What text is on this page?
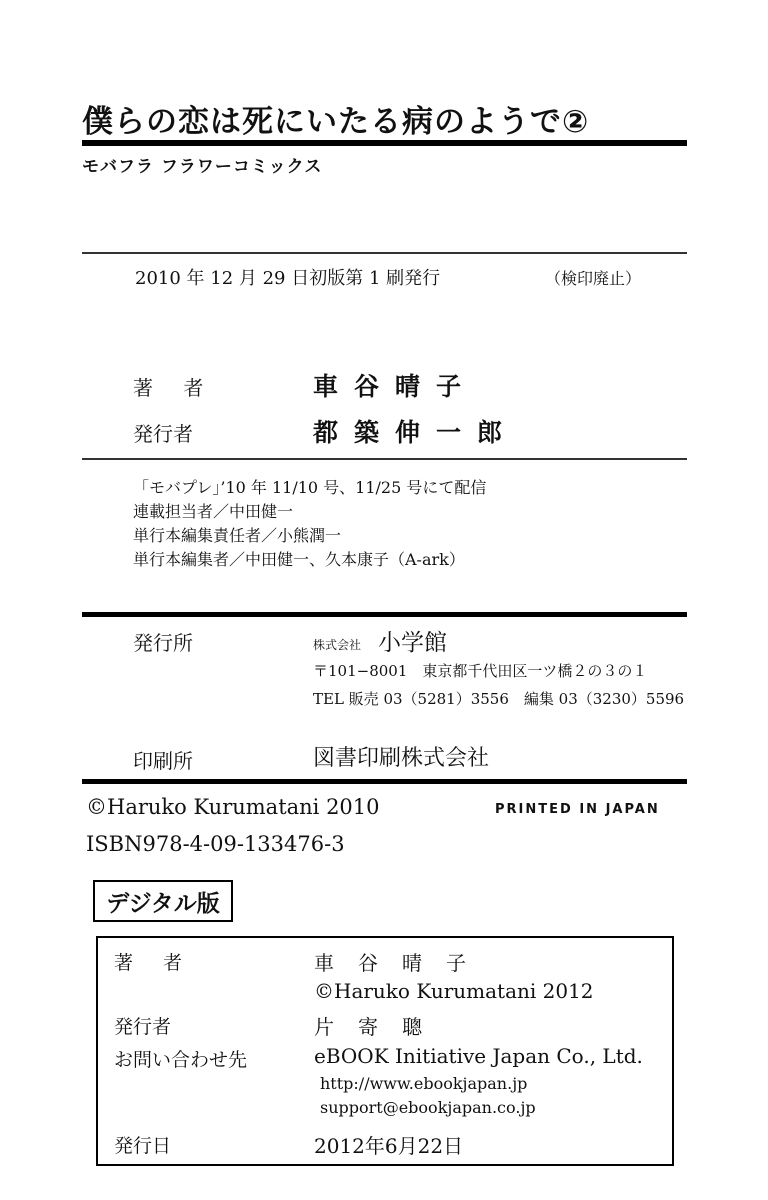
僕らの恋は死にいたる病のようで②
モバフラ フラワーコミックス
2010 年 12 月 29 日初版第 1 刷発行	（検印廃止）
著 者	車谷晴子
発行者	都築伸一郎
「モバプレ」’10 年 11/10 号、11/25 号にて配信
連載担当者／中田健一
単行本編集責任者／小熊潤一
単行本編集者／中田健一、久本康子（A-ark）
発行所	株式会社 小学館
〒101−8001　東京都千代田区一ツ橋２の３の１
TEL 販売 03（5281）3556　編集 03（3230）5596
印刷所	図書印刷株式会社
©Haruko Kurumatani 2010	PRINTED IN JAPAN
ISBN978-4-09-133476-3
デジタル版
著 者	車谷晴子
©Haruko Kurumatani 2012
発行者	片寄聰
お問い合わせ先	eBOOK Initiative Japan Co., Ltd.
http://www.ebookjapan.jp
support@ebookjapan.co.jp
発行日	2012年6月22日
